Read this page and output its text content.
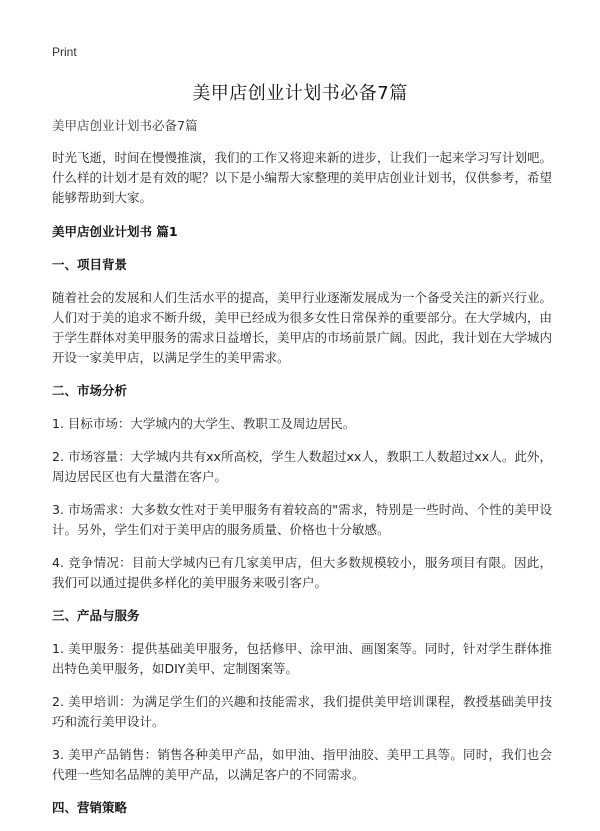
Print
美甲店创业计划书必备7篇

美甲店创业计划书必备7篇

时光飞逝，时间在慢慢推演，我们的工作又将迎来新的进步，让我们一起来学习写计划吧。什么样的计划才是有效的呢？以下是小编帮大家整理的美甲店创业计划书，仅供参考，希望能够帮助到大家。

美甲店创业计划书 篇1

一、项目背景

随着社会的发展和人们生活水平的提高，美甲行业逐渐发展成为一个备受关注的新兴行业。人们对于美的追求不断升级，美甲已经成为很多女性日常保养的重要部分。在大学城内，由于学生群体对美甲服务的需求日益增长，美甲店的市场前景广阔。因此，我计划在大学城内开设一家美甲店，以满足学生的美甲需求。

二、市场分析

1. 目标市场：大学城内的大学生、教职工及周边居民。

2. 市场容量：大学城内共有xx所高校，学生人数超过xx人，教职工人数超过xx人。此外，周边居民区也有大量潜在客户。

3. 市场需求：大多数女性对于美甲服务有着较高的"需求，特别是一些时尚、个性的美甲设计。另外，学生们对于美甲店的服务质量、价格也十分敏感。

4. 竞争情况：目前大学城内已有几家美甲店，但大多数规模较小，服务项目有限。因此，我们可以通过提供多样化的美甲服务来吸引客户。

三、产品与服务

1. 美甲服务：提供基础美甲服务，包括修甲、涂甲油、画图案等。同时，针对学生群体推出特色美甲服务，如DIY美甲、定制图案等。

2. 美甲培训：为满足学生们的兴趣和技能需求，我们提供美甲培训课程，教授基础美甲技巧和流行美甲设计。

3. 美甲产品销售：销售各种美甲产品，如甲油、指甲油胶、美甲工具等。同时，我们也会代理一些知名品牌的美甲产品，以满足客户的不同需求。

四、营销策略
